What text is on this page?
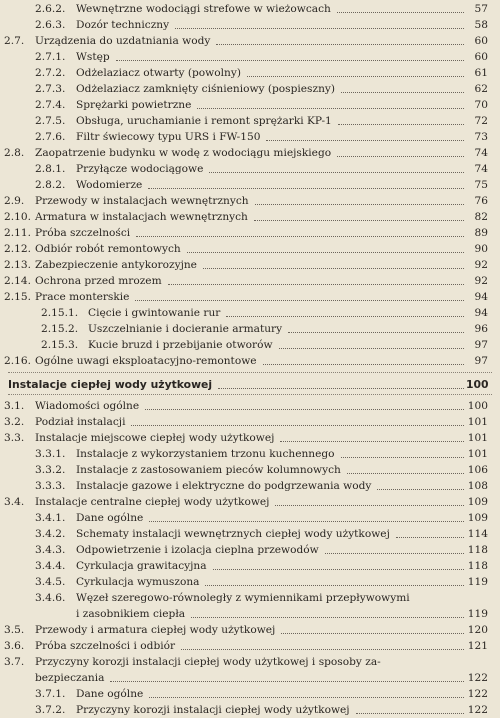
2.6.2. Wewnętrzne wodociągi strefowe w wieżowcach	57
2.6.3. Dozór techniczny	58
2.7. Urządzenia do uzdatniania wody	60
2.7.1. Wstęp	60
2.7.2. Odżelaziacz otwarty (powolny)	61
2.7.3. Odżelaziacz zamknięty ciśnieniowy (pospieszny)	62
2.7.4. Sprężarki powietrzne	70
2.7.5. Obsługa, uruchamianie i remont sprężarki KP-1	72
2.7.6. Filtr świecowy typu URS i FW-150	73
2.8. Zaopatrzenie budynku w wodę z wodociągu miejskiego	74
2.8.1. Przyłącze wodociągowe	74
2.8.2. Wodomierze	75
2.9. Przewody w instalacjach wewnętrznych	76
2.10. Armatura w instalacjach wewnętrznych	82
2.11. Próba szczelności	89
2.12. Odbiór robót remontowych	90
2.13. Zabezpieczenie antykorozyjne	92
2.14. Ochrona przed mrozem	92
2.15. Prace monterskie	94
2.15.1. Cięcie i gwintowanie rur	94
2.15.2. Uszczelnianie i docieranie armatury	96
2.15.3. Kucie bruzd i przebijanie otworów	97
2.16. Ogólne uwagi eksploatacyjno-remontowe	97
Instalacje ciepłej wody użytkowej	100
3.1. Wiadomości ogólne	100
3.2. Podział instalacji	101
3.3. Instalacje miejscowe ciepłej wody użytkowej	101
3.3.1. Instalacje z wykorzystaniem trzonu kuchennego	101
3.3.2. Instalacje z zastosowaniem pieców kolumnowych	106
3.3.3. Instalacje gazowe i elektryczne do podgrzewania wody	108
3.4. Instalacje centralne ciepłej wody użytkowej	109
3.4.1. Dane ogólne	109
3.4.2. Schematy instalacji wewnętrznych ciepłej wody użytkowej	114
3.4.3. Odpowietrzenie i izolacja cieplna przewodów	118
3.4.4. Cyrkulacja grawitacyjna	118
3.4.5. Cyrkulacja wymuszona	119
3.4.6. Węzeł szeregowo-równoległy z wymiennikami przepływowymi
i zasobnikiem ciepła	119
3.5. Przewody i armatura ciepłej wody użytkowej	120
3.6. Próba szczelności i odbiór	121
3.7. Przyczyny korozji instalacji ciepłej wody użytkowej i sposoby za-
bezpieczania	122
3.7.1. Dane ogólne	122
3.7.2. Przyczyny korozji instalacji ciepłej wody użytkowej	122
